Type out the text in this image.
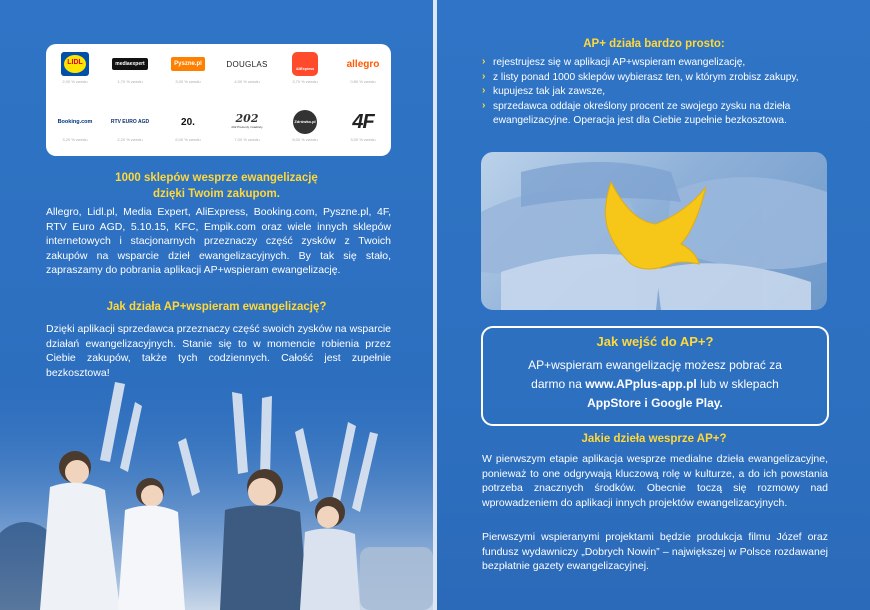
LIDL
2,00 % zwrotu
mediaexpert
1,70 % zwrotu
Pyszne.pl
3,00 % zwrotu
DOUGLAS
4,00 % zwrotu
AliExpress
3,70 % zwrotu
allegro
0,80 % zwrotu
Booking.com
3,20 % zwrotu
RTV EURO AGD
2,20 % zwrotu
20.
6,00 % zwrotu
202
202 Prezenty i Gadżety
7,00 % zwrotu
Zdrówko.pl
8,00 % zwrotu
4F
3,00 % zwrotu
1000 sklepów wesprze ewangelizację
dzięki Twoim zakupom.
Allegro, Lidl.pl, Media Expert, AliExpress, Booking.com, Pyszne.pl, 4F, RTV Euro AGD, 5.10.15, KFC, Empik.com oraz wiele innych sklepów internetowych i stacjonarnych przeznaczy część zysków z Twoich zakupów na wsparcie dzieł ewangelizacyjnych. By tak się stało, zapraszamy do pobrania aplikacji AP+wspieram ewangelizację.
Jak działa AP+wspieram ewangelizację?
Dzięki aplikacji sprzedawca przeznaczy część swoich zysków na wsparcie działań ewangelizacyjnych. Stanie się to w momencie robienia przez Ciebie zakupów, także tych codziennych. Całość jest zupełnie
AP+ działa bardzo prosto:
› rejestrujesz się w aplikacji AP+wspieram ewangelizację,
› z listy ponad 1000 sklepów wybierasz ten, w którym zrobisz zakupy,
› kupujesz tak jak zawsze,
› sprzedawca oddaje określony procent ze swojego zysku na dzieła ewangelizacyjne. Operacja jest dla Ciebie zupełnie bezkosztowa.
Jak wejść do AP+?
AP+wspieram ewangelizację możesz pobrać za
darmo na www.APplus-app.pl lub w sklepach
AppStore i Google Play.
Jakie dzieła wesprze AP+?
W pierwszym etapie aplikacja wesprze medialne dzieła ewangelizacyjne, ponieważ to one odgrywają kluczową rolę w kulturze, a do ich powstania potrzeba znacznych środków. Obecnie toczą się rozmowy nad wprowadzeniem do aplikacji innych projektów ewangelizacyjnych.
Pierwszymi wspieranymi projektami będzie produkcja filmu Józef oraz fundusz wydawniczy „Dobrych Nowin” – największej w Polsce rozdawanej bezpłatnie gazety ewangelizacyjnej.
